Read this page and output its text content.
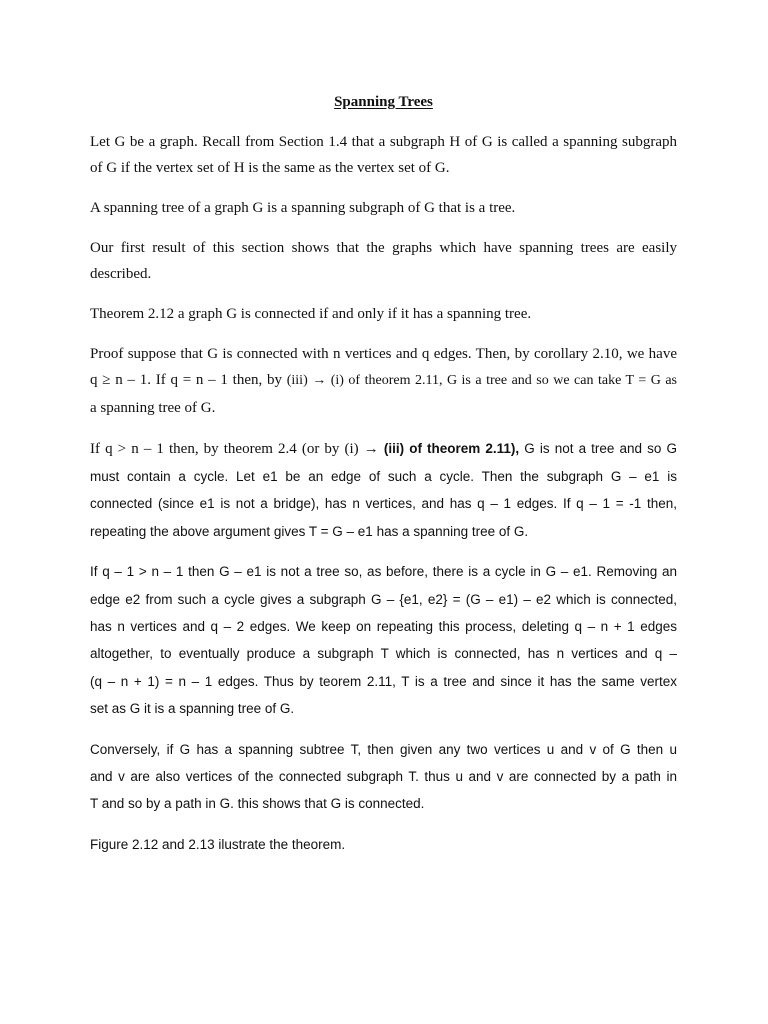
Spanning Trees
Let G be a graph. Recall from Section 1.4 that a subgraph H of G is called a spanning subgraph
of G if the vertex set of H is the same as the vertex set of G.
A spanning tree of a graph G is a spanning subgraph of G that is a tree.
Our first result of this section shows that the graphs which have spanning trees are easily
described.
Theorem 2.12 a graph G is connected if and only if it has a spanning tree.
Proof suppose that G is connected with n vertices and q edges. Then, by corollary 2.10, we have
q ≥ n – 1. If q = n – 1 then, by (iii) → (i) of theorem 2.11, G is a tree and so we can take T = G as
a spanning tree of G.
If q > n – 1 then, by theorem 2.4 (or by (i) → (iii) of theorem 2.11), G is not a tree and so G
must contain a cycle. Let e1 be an edge of such a cycle. Then the subgraph G – e1 is
connected (since e1 is not a bridge), has n vertices, and has q – 1 edges. If q – 1 = -1 then,
repeating the above argument gives T = G – e1 has a spanning tree of G.
If q – 1 > n – 1 then G – e1 is not a tree so, as before, there is a cycle in G – e1. Removing an
edge e2 from such a cycle gives a subgraph G – {e1, e2} = (G – e1) – e2 which is connected,
has n vertices and q – 2 edges. We keep on repeating this process, deleting q – n + 1 edges
altogether, to eventually produce a subgraph T which is connected, has n vertices and q –
(q – n + 1) = n – 1 edges. Thus by teorem 2.11, T is a tree and since it has the same vertex
set as G it is a spanning tree of G.
Conversely, if G has a spanning subtree T, then given any two vertices u and v of G then u
and v are also vertices of the connected subgraph T. thus u and v are connected by a path in
T and so by a path in G. this shows that G is connected.
Figure 2.12 and 2.13 ilustrate the theorem.
